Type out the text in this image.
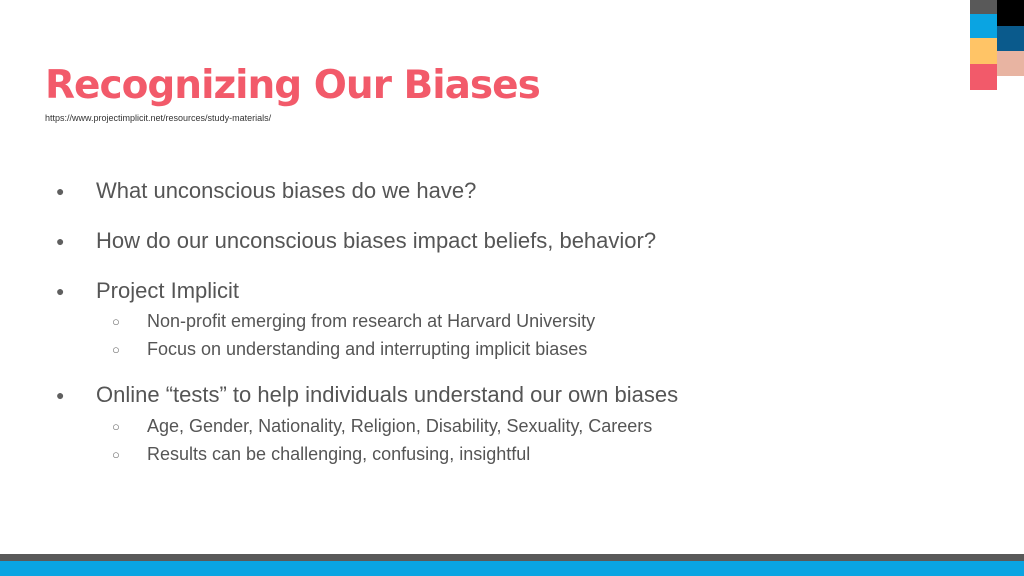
Recognizing Our Biases
https://www.projectimplicit.net/resources/study-materials/
● What unconscious biases do we have?
● How do our unconscious biases impact beliefs, behavior?
● Project Implicit
○ Non-profit emerging from research at Harvard University
○ Focus on understanding and interrupting implicit biases
● Online “tests” to help individuals understand our own biases
○ Age, Gender, Nationality, Religion, Disability, Sexuality, Careers
○ Results can be challenging, confusing, insightful
